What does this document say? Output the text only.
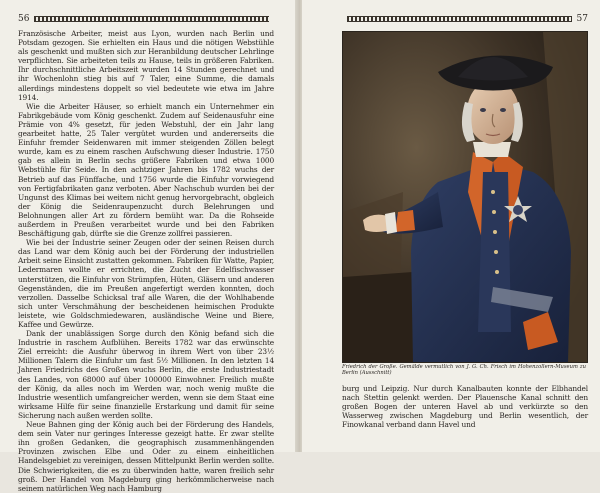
56

Französische Arbeiter, meist aus Lyon, wurden nach Berlin und Potsdam gezogen. Sie erhielten ein Haus und die nötigen Webstühle als geschenkt und mußten sich zur Heranbildung deutscher Lehrlinge verpflichten. Sie arbeiteten teils zu Hause, teils in größeren Fabriken. Ihr durchschnittliche Arbeitszeit wurden 14 Stunden gerechnet und ihr Wochenlohn stieg bis auf 7 Taler, eine Summe, die damals allerdings mindestens doppelt so viel bedeutete wie etwa im Jahre 1914.

Wie die Arbeiter Häuser, so erhielt manch ein Unternehmer ein Fabrikgebäude vom König geschenkt. Zudem auf Seidenausfuhr eine Prämie von 4% gesetzt, für jeden Webstuhl, der ein Jahr lang gearbeitet hatte, 25 Taler vergütet wurden und andererseits die Einfuhr fremder Seidenwaren mit immer steigenden Zöllen belegt wurde, kam es zu einem raschen Aufschwung dieser Industrie. 1750 gab es allein in Berlin sechs größere Fabriken und etwa 1000 Webstühle für Seide. In den achtziger Jahren bis 1782 wuchs der Betrieb auf das Fünffache, und 1756 wurde die Einfuhr vorwiegend von Fertigfabrikaten ganz verboten. Aber Nachschub wurden bei der Ungunst des Klimas bei weitem nicht genug hervorgebracht, obgleich der König die Seidenraupenzucht durch Belehrungen und Belohnungen aller Art zu fördern bemüht war. Da die Rohseide außerdem in Preußen verarbeitet wurde und bei den Fabriken Beschäftigung gab, dürfte sie die Grenze zollfrei passieren.

Wie bei der Industrie seiner Zeugen oder der seinen Reisen durch das Land war dem König auch bei der Förderung der industriellen Arbeit seine Einsicht zustatten gekommen. Fabriken für Watte, Papier, Ledermaren wollte er errichten, die Zucht der Edelfischwasser unterstützen, die Einfuhr von Strümpfen, Hüten, Gläsern und anderen Gegenständen, die im Preußen angefertigt werden konnten, doch verzollen. Dasselbe Schicksal traf alle Waren, die der Wohlhabende sich unter Verschmähung der bescheidenen heimischen Produkte leistete, wie Goldschmiedewaren, ausländische Weine und Biere, Kaffee und Gewürze.

Dank der unablässigen Sorge durch den König befand sich die Industrie in raschem Aufblühen. Bereits 1782 war das erwünschte Ziel erreicht: die Ausfuhr überwog in ihrem Wert von über 23½ Millionen Talern die Einfuhr um fast 5½ Millionen. In den letzten 14 Jahren Friedrichs des Großen wuchs Berlin, die erste Industriestadt des Landes, von 68000 auf über 100000 Einwohner. Freilich mußte der König, da alles noch im Werden war, noch wenig mußte die Industrie wesentlich umfangreicher werden, wenn sie dem Staat eine wirksame Hilfe für seine finanzielle Erstarkung und damit für seine Sicherung nach außen werden sollte.

Neue Bahnen ging der König auch bei der Förderung des Handels, dem sein Vater nur geringes Interesse gezeigt hatte. Er zwar stellte ihn großen Gedanken, die geographisch zusammenhängenden Provinzen zwischen Elbe und Oder zu einem einheitlichen Handelsgebiet zu vereinigen, dessen Mittelpunkt Berlin werden sollte. Die Schwierigkeiten, die es zu überwinden hatte, waren freilich sehr groß. Der Handel von Magdeburg ging herkömmlicherweise nach seinem natürlichen Weg nach Hamburg

57
Friedrich der Große. Gemälde vermutlich von J. G. Ch. Frisch im Hohenzollern-Museum zu Berlin (Ausschnitt)

burg und Leipzig. Nur durch Kanalbauten konnte der Elbhandel nach Stettin gelenkt werden. Der Plauensche Kanal schnitt den großen Bogen der unteren Havel ab und verkürzte so den Wasserweg zwischen Magdeburg und Berlin wesentlich, der Finowkanal verband dann Havel und
